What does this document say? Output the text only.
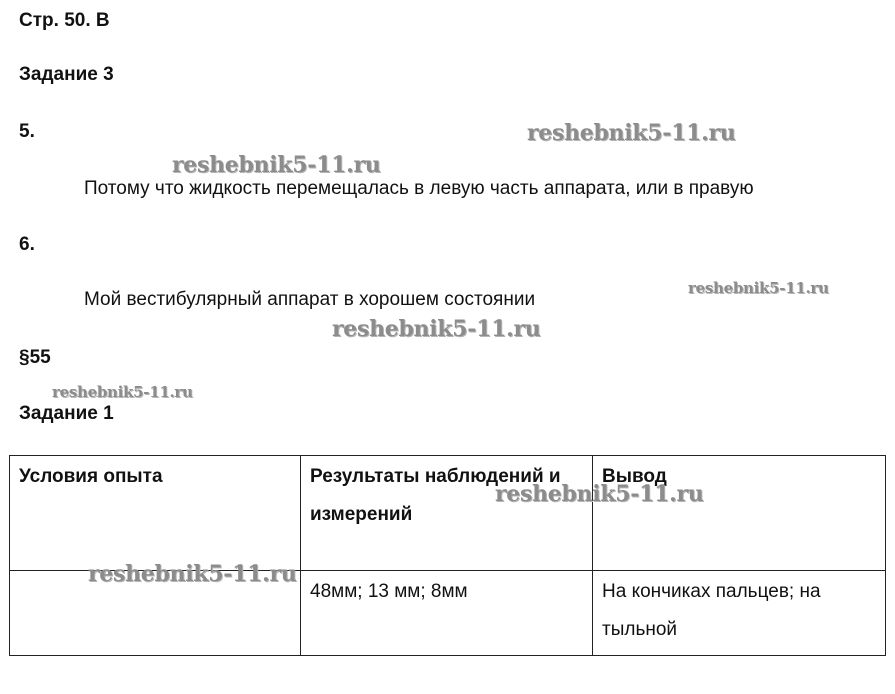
Стр. 50. В
Задание 3
5.
Потому что жидкость перемещалась в левую часть аппарата, или в правую
6.
Мой вестибулярный аппарат в хорошем состоянии
§55
Задание 1
Условия опыта	Результаты наблюдений и измерений	Вывод
	48мм; 13 мм; 8мм	На кончиках пальцев; на тыльной
reshebnik5-11.ru
reshebnik5-11.ru
reshebnik5-11.ru
reshebnik5-11.ru
reshebnik5-11.ru
reshebnik5-11.ru
reshebnik5-11.ru
